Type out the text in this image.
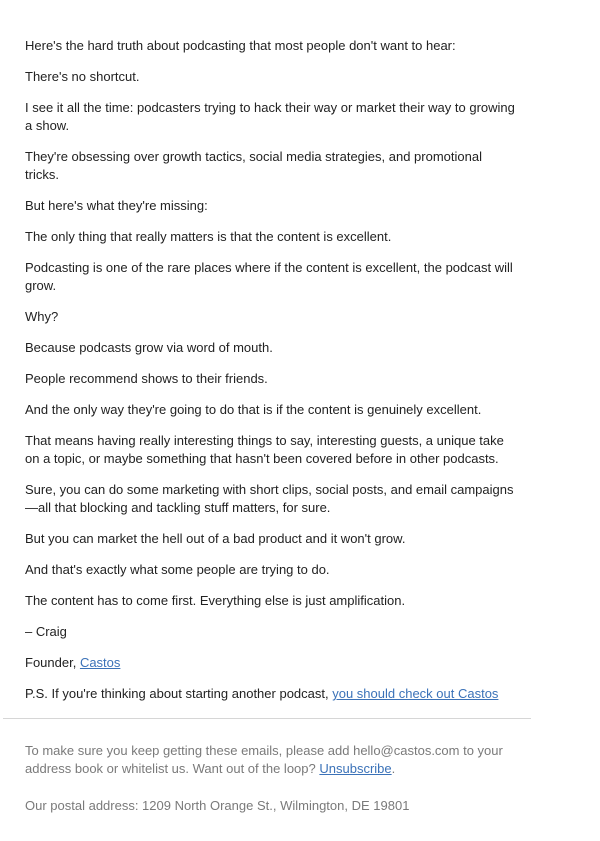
Here's the hard truth about podcasting that most people don't want to hear:

There's no shortcut.

I see it all the time: podcasters trying to hack their way or market their way to growing a show.

They're obsessing over growth tactics, social media strategies, and promotional tricks.

But here's what they're missing:

The only thing that really matters is that the content is excellent.

Podcasting is one of the rare places where if the content is excellent, the podcast will grow.

Why?

Because podcasts grow via word of mouth.

People recommend shows to their friends.

And the only way they're going to do that is if the content is genuinely excellent.

That means having really interesting things to say, interesting guests, a unique take on a topic, or maybe something that hasn't been covered before in other podcasts.

Sure, you can do some marketing with short clips, social posts, and email campaigns—all that blocking and tackling stuff matters, for sure.

But you can market the hell out of a bad product and it won't grow.

And that's exactly what some people are trying to do.

The content has to come first. Everything else is just amplification.

– Craig

Founder, Castos

P.S. If you're thinking about starting another podcast, you should check out Castos

To make sure you keep getting these emails, please add hello@castos.com to your address book or whitelist us. Want out of the loop? Unsubscribe.

Our postal address: 1209 North Orange St., Wilmington, DE 19801
